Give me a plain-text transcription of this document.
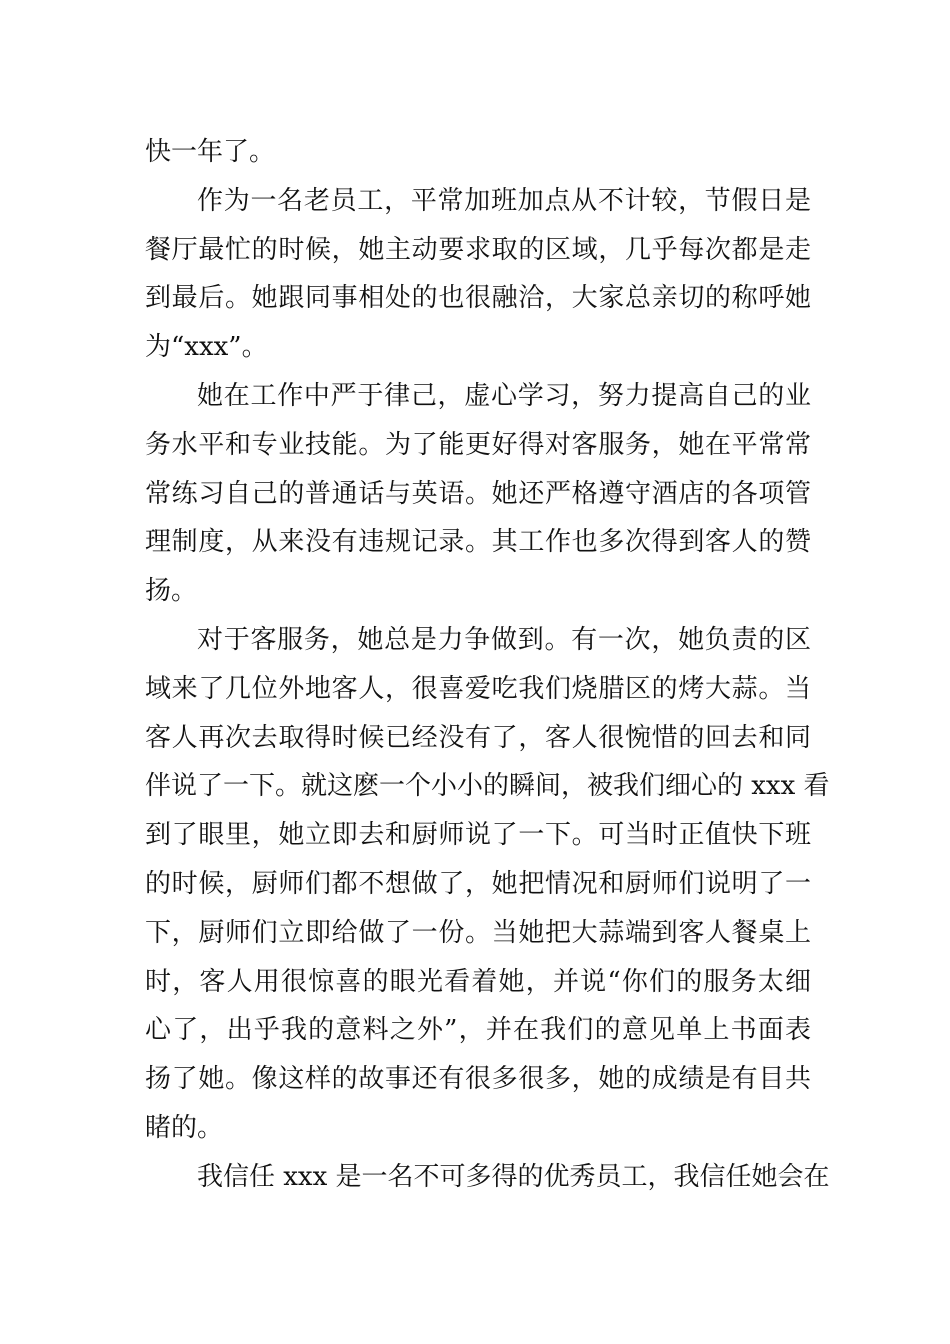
快一年了。

作为一名老员工，平常加班加点从不计较，节假日是
餐厅最忙的时候，她主动要求取的区域，几乎每次都是走
到最后。她跟同事相处的也很融洽，大家总亲切的称呼她
为“xxx”。

她在工作中严于律己，虚心学习，努力提高自己的业
务水平和专业技能。为了能更好得对客服务，她在平常常
常练习自己的普通话与英语。她还严格遵守酒店的各项管
理制度，从来没有违规记录。其工作也多次得到客人的赞
扬。

对于客服务，她总是力争做到。有一次，她负责的区
域来了几位外地客人，很喜爱吃我们烧腊区的烤大蒜。当
客人再次去取得时候已经没有了，客人很惋惜的回去和同
伴说了一下。就这麽一个小小的瞬间，被我们细心的 xxx 看
到了眼里，她立即去和厨师说了一下。可当时正值快下班
的时候，厨师们都不想做了，她把情况和厨师们说明了一
下，厨师们立即给做了一份。当她把大蒜端到客人餐桌上
时，客人用很惊喜的眼光看着她，并说“你们的服务太细
心了，出乎我的意料之外”，并在我们的意见单上书面表
扬了她。像这样的故事还有很多很多，她的成绩是有目共
睹的。

我信任 xxx 是一名不可多得的优秀员工，我信任她会在
